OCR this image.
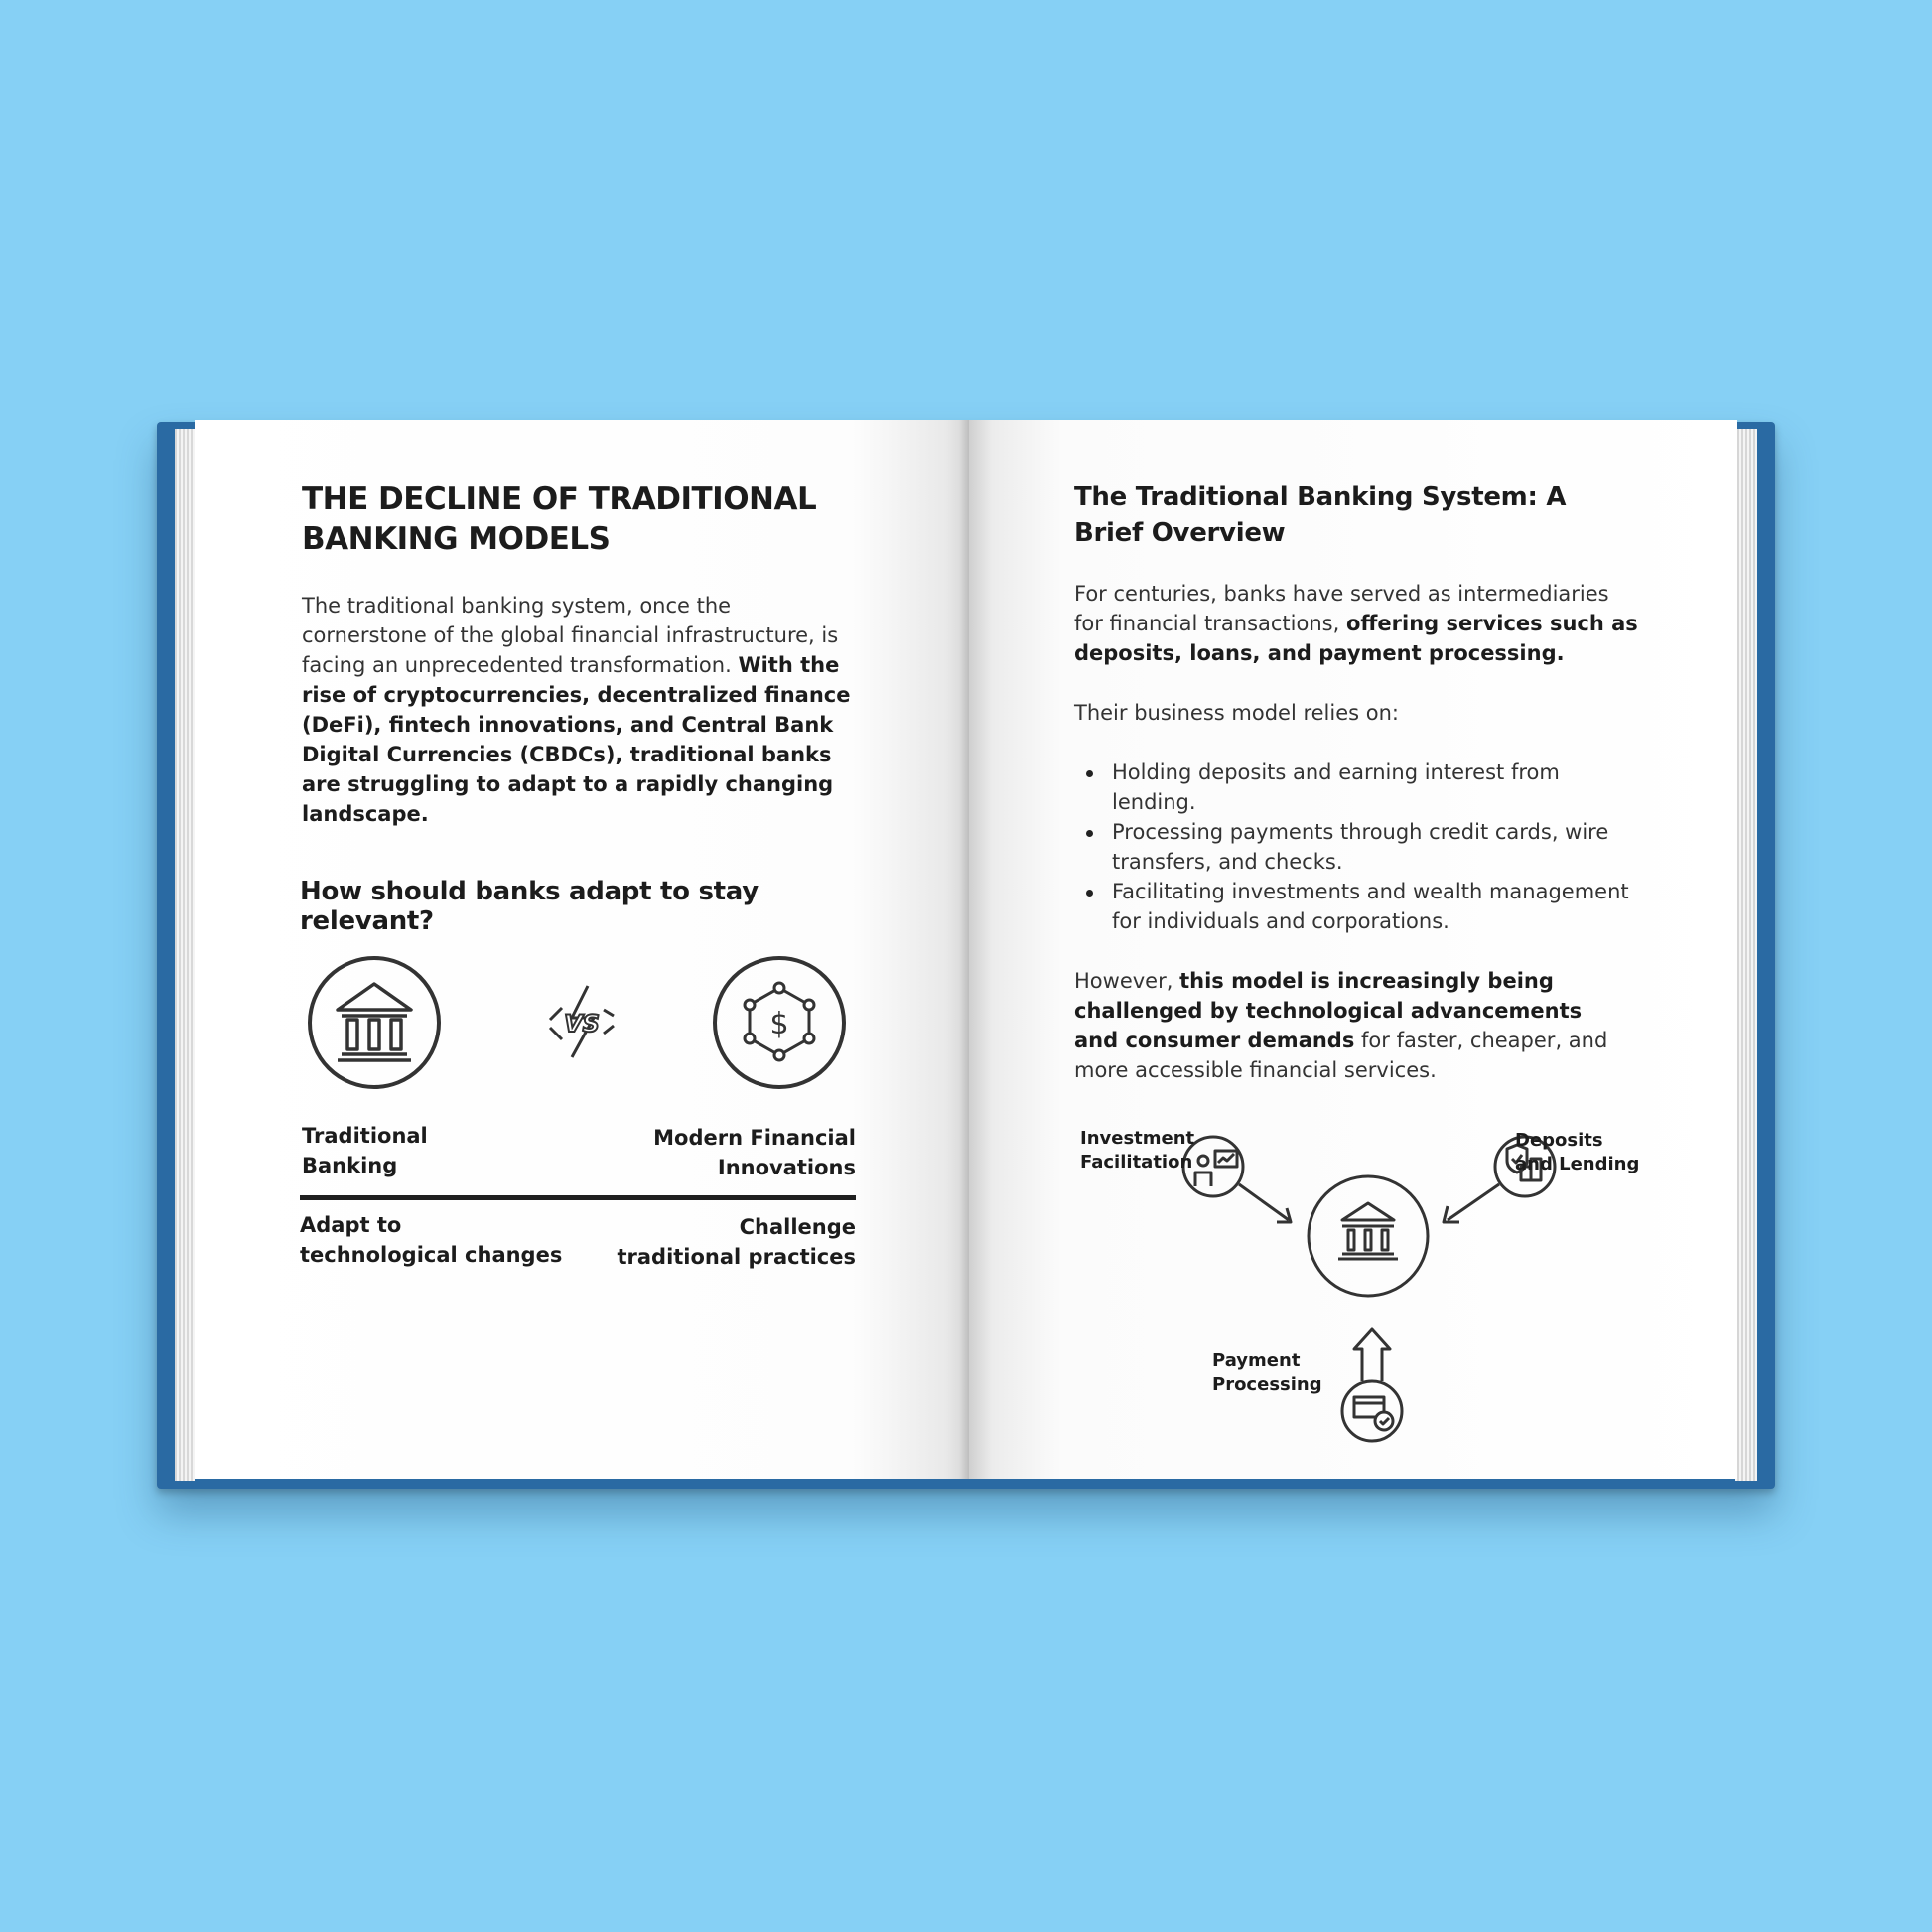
THE DECLINE OF TRADITIONAL
BANKING MODELS
The traditional banking system, once the cornerstone of the global financial infrastructure, is facing an unprecedented transformation. With the rise of cryptocurrencies, decentralized finance (DeFi), fintech innovations, and Central Bank Digital Currencies (CBDCs), traditional banks are struggling to adapt to a rapidly changing landscape.
How should banks adapt to stay relevant?
VS	$
Traditional
Banking
Modern Financial
Innovations
Adapt to
technological changes
Challenge
traditional practices
The Traditional Banking System: A Brief Overview
For centuries, banks have served as intermediaries for financial transactions, offering services such as deposits, loans, and payment processing.
Their business model relies on:
Holding deposits and earning interest from lending.
Processing payments through credit cards, wire transfers, and checks.
Facilitating investments and wealth management for individuals and corporations.
However, this model is increasingly being challenged by technological advancements and consumer demands for faster, cheaper, and more accessible financial services.
Investment
Facilitation
Deposits
and Lending
Payment
Processing
